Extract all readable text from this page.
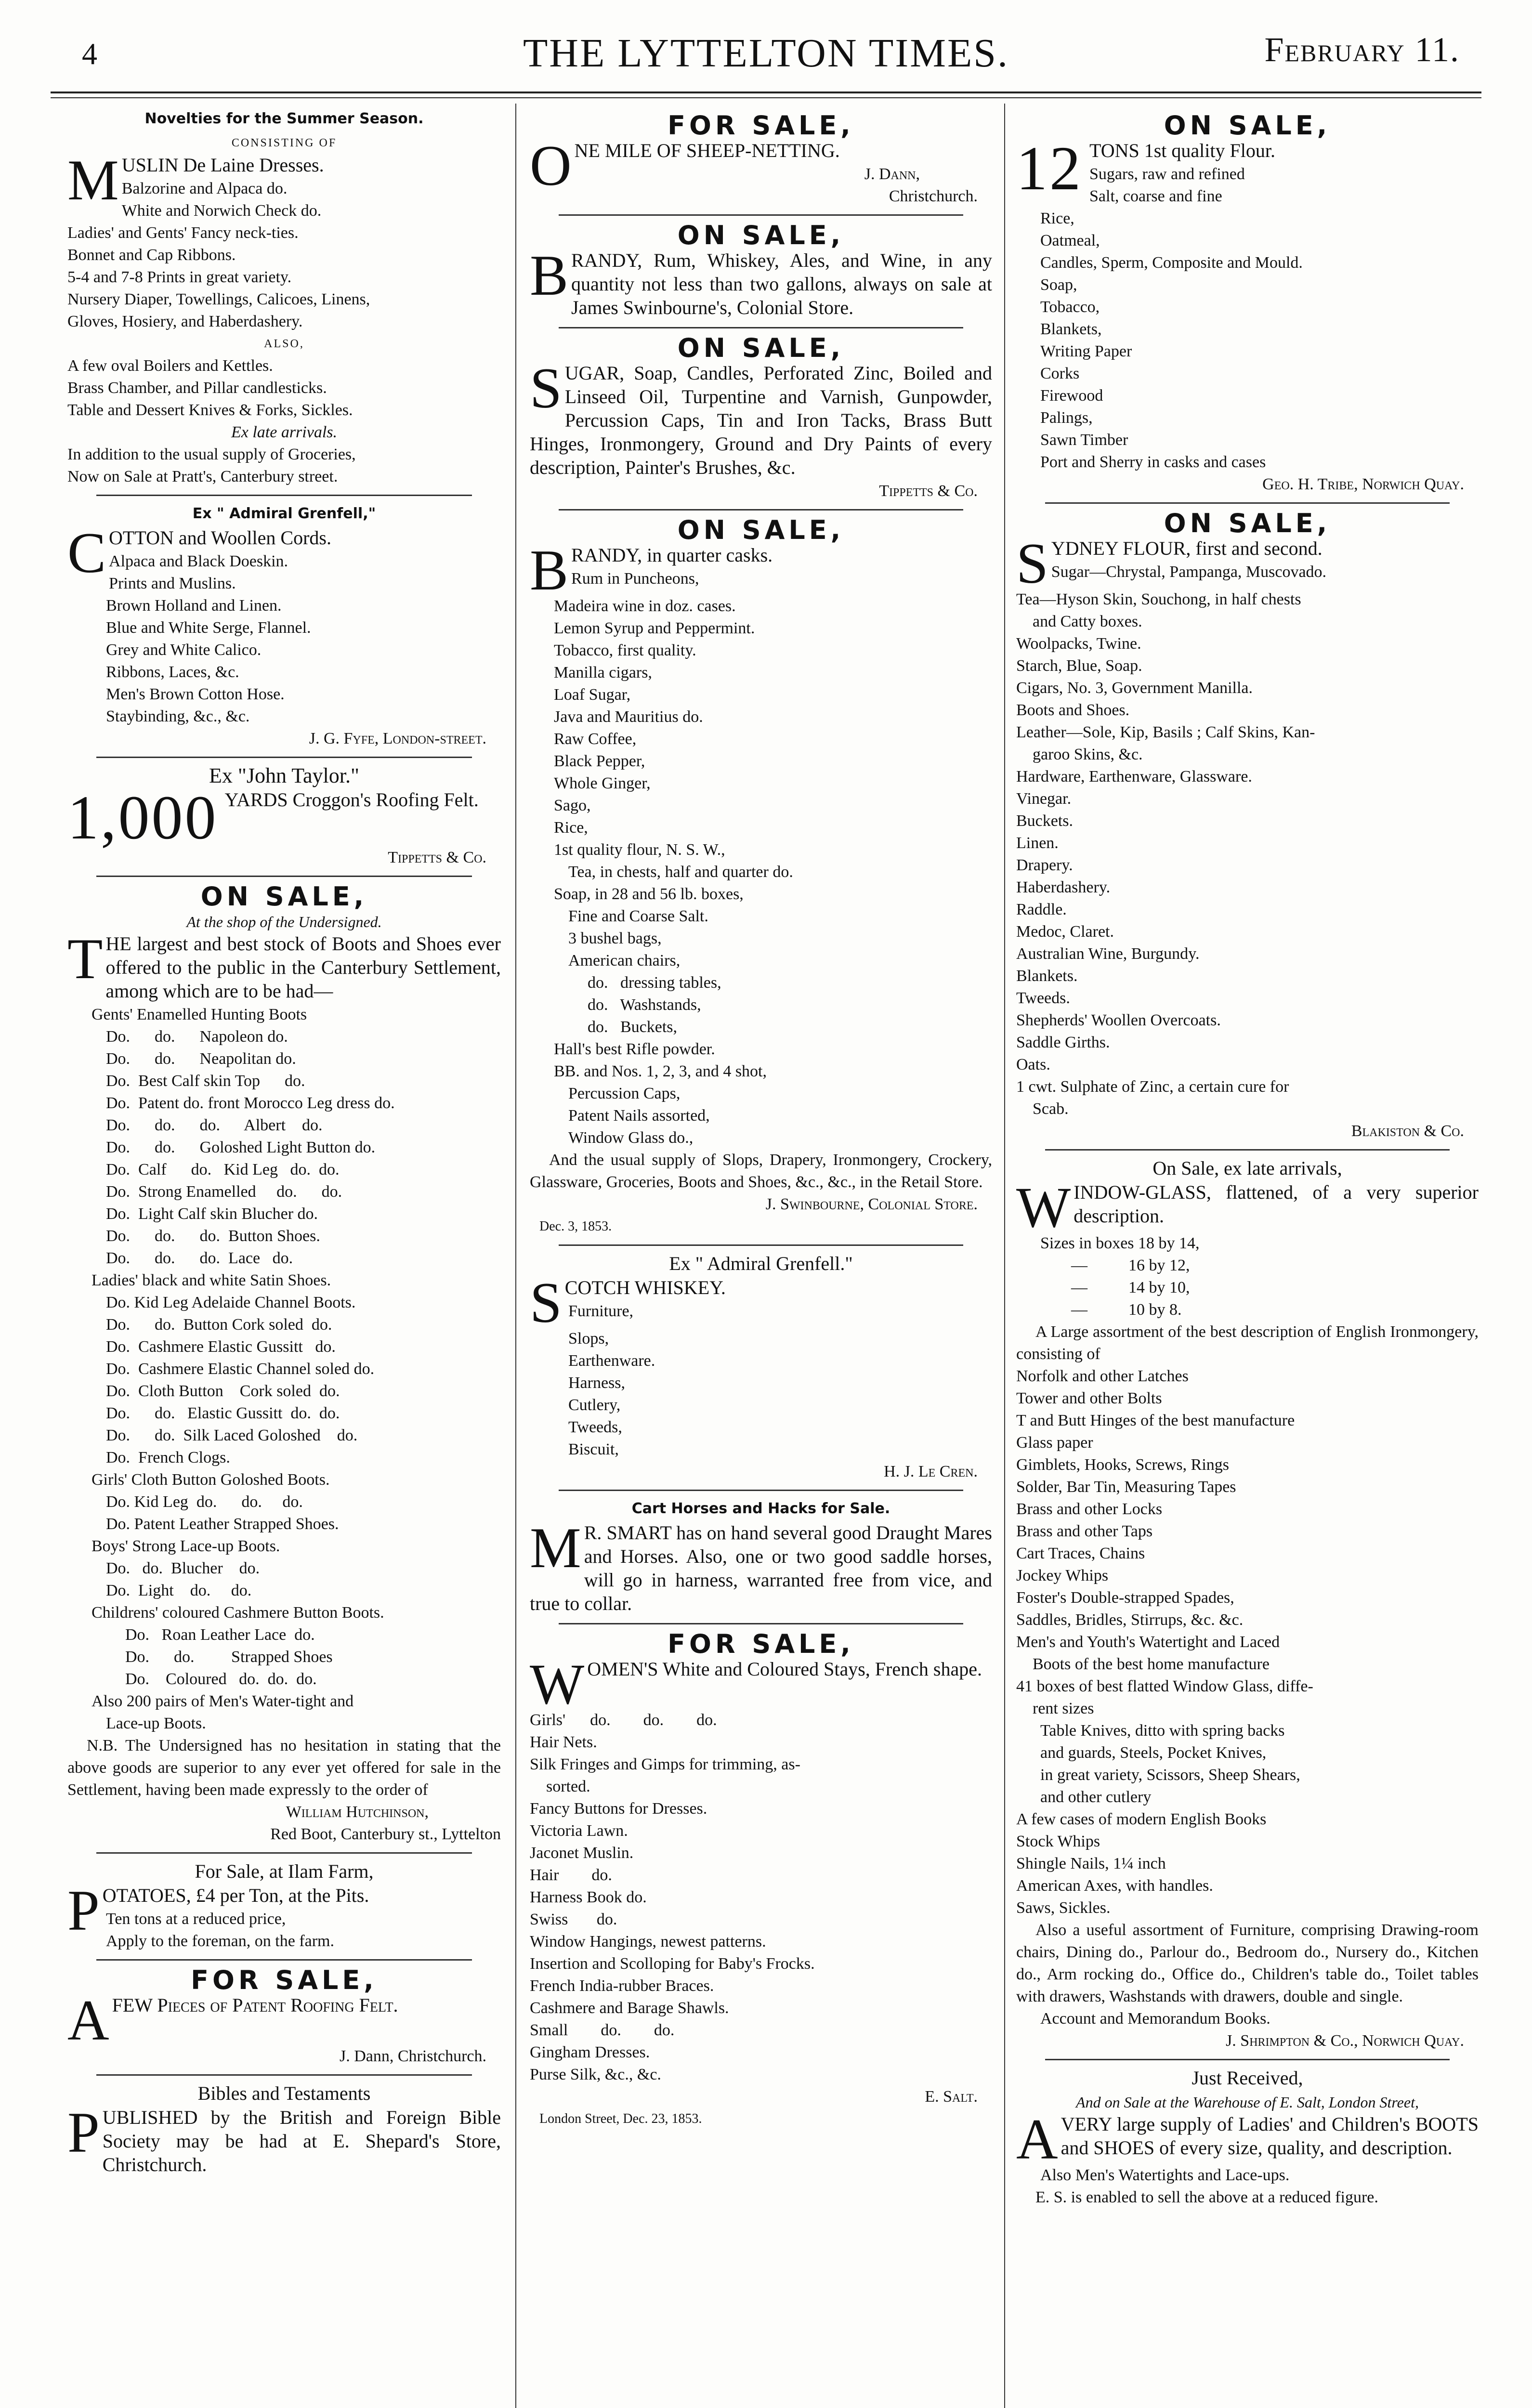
4	THE LYTTELTON TIMES.	February 11.
Novelties for the Summer Season.
CONSISTING OF
MUSLIN De Laine Dresses.
Balzorine and Alpaca do.
White and Norwich Check do.
Ladies' and Gents' Fancy neck-ties.
Bonnet and Cap Ribbons.
5-4 and 7-8 Prints in great variety.
Nursery Diaper, Towellings, Calicoes, Linens,
Gloves, Hosiery, and Haberdashery.
ALSO,
A few oval Boilers and Kettles.
Brass Chamber, and Pillar candlesticks.
Table and Dessert Knives & Forks, Sickles.
Ex late arrivals.
In addition to the usual supply of Groceries,
Now on Sale at Pratt's, Canterbury street.
Ex " Admiral Grenfell,"
COTTON and Woollen Cords.
Alpaca and Black Doeskin.
Prints and Muslins.
Brown Holland and Linen.
Blue and White Serge, Flannel.
Grey and White Calico.
Ribbons, Laces, &c.
Men's Brown Cotton Hose.
Staybinding, &c., &c.
J. G. Fyfe, London-street.
Ex "John Taylor."
1,000 YARDS Croggon's Roofing Felt.
Tippetts & Co.
ON SALE,
At the shop of the Undersigned.
THE largest and best stock of Boots and Shoes ever offered to the public in the Canterbury Settlement, among which are to be had—
Gents' Enamelled Hunting Boots
Do.      do.      Napoleon do.
Do.      do.      Neapolitan do.
Do.  Best Calf skin Top      do.
Do.  Patent do. front Morocco Leg dress do.
Do.      do.      do.      Albert    do.
Do.      do.      Goloshed Light Button do.
Do.  Calf      do.   Kid Leg   do.  do.
Do.  Strong Enamelled     do.      do.
Do.  Light Calf skin Blucher do.
Do.      do.      do.  Button Shoes.
Do.      do.      do.  Lace   do.
Ladies' black and white Satin Shoes.
Do. Kid Leg Adelaide Channel Boots.
Do.      do.  Button Cork soled  do.
Do.  Cashmere Elastic Gussitt   do.
Do.  Cashmere Elastic Channel soled do.
Do.  Cloth Button    Cork soled  do.
Do.      do.   Elastic Gussitt  do.  do.
Do.      do.  Silk Laced Goloshed    do.
Do.  French Clogs.
Girls' Cloth Button Goloshed Boots.
Do. Kid Leg  do.      do.     do.
Do. Patent Leather Strapped Shoes.
Boys' Strong Lace-up Boots.
Do.   do.  Blucher    do.
Do.  Light    do.     do.
Childrens' coloured Cashmere Button Boots.
Do.   Roan Leather Lace  do.
Do.      do.         Strapped Shoes
Do.    Coloured   do.  do.  do.
Also 200 pairs of Men's Water-tight and
Lace-up Boots.
N.B. The Undersigned has no hesitation in stating that the above goods are superior to any ever yet offered for sale in the Settlement, having been made expressly to the order of
William Hutchinson,
Red Boot, Canterbury st., Lyttelton
For Sale, at Ilam Farm,
POTATOES, £4 per Ton, at the Pits.
Ten tons at a reduced price,
Apply to the foreman, on the farm.
FOR SALE,
AFEW Pieces of Patent Roofing Felt.
J. Dann, Christchurch.
Bibles and Testaments
PUBLISHED by the British and Foreign Bible Society may be had at E. Shepard's Store, Christchurch.
FOR SALE,
ONE MILE OF SHEEP-NETTING.
J. Dann,
Christchurch.
ON SALE,
BRANDY, Rum, Whiskey, Ales, and Wine, in any quantity not less than two gallons, always on sale at James Swinbourne's, Colonial Store.
ON SALE,
SUGAR, Soap, Candles, Perforated Zinc, Boiled and Linseed Oil, Turpentine and Varnish, Gunpowder, Percussion Caps, Tin and Iron Tacks, Brass Butt Hinges, Ironmongery, Ground and Dry Paints of every description, Painter's Brushes, &c.
Tippetts & Co.
ON SALE,
BRANDY, in quarter casks.
Rum in Puncheons,
Madeira wine in doz. cases.
Lemon Syrup and Peppermint.
Tobacco, first quality.
Manilla cigars,
Loaf Sugar,
Java and Mauritius do.
Raw Coffee,
Black Pepper,
Whole Ginger,
Sago,
Rice,
1st quality flour, N. S. W.,
Tea, in chests, half and quarter do.
Soap, in 28 and 56 lb. boxes,
Fine and Coarse Salt.
3 bushel bags,
American chairs,
do.   dressing tables,
do.   Washstands,
do.   Buckets,
Hall's best Rifle powder.
BB. and Nos. 1, 2, 3, and 4 shot,
Percussion Caps,
Patent Nails assorted,
Window Glass do.,
And the usual supply of Slops, Drapery, Ironmongery, Crockery, Glassware, Groceries, Boots and Shoes, &c., &c., in the Retail Store.
J. Swinbourne, Colonial Store.
Dec. 3, 1853.
Ex " Admiral Grenfell."
SCOTCH WHISKEY.
Furniture,
Slops,
Earthenware.
Harness,
Cutlery,
Tweeds,
Biscuit,
H. J. Le Cren.
Cart Horses and Hacks for Sale.
M R. SMART has on hand several good Draught Mares and Horses. Also, one or two good saddle horses, will go in harness, warranted free from vice, and true to collar.
FOR SALE,
WOMEN'S White and Coloured Stays, French shape.
Girls'      do.        do.        do.
Hair Nets.
Silk Fringes and Gimps for trimming, as-
sorted.
Fancy Buttons for Dresses.
Victoria Lawn.
Jaconet Muslin.
Hair        do.
Harness Book do.
Swiss       do.
Window Hangings, newest patterns.
Insertion and Scolloping for Baby's Frocks.
French India-rubber Braces.
Cashmere and Barage Shawls.
Small        do.        do.
Gingham Dresses.
Purse Silk, &c., &c.
E. Salt.
London Street, Dec. 23, 1853.
ON SALE,
12 TONS 1st quality Flour.
Sugars, raw and refined
Salt, coarse and fine
Rice,
Oatmeal,
Candles, Sperm, Composite and Mould.
Soap,
Tobacco,
Blankets,
Writing Paper
Corks
Firewood
Palings,
Sawn Timber
Port and Sherry in casks and cases
Geo. H. Tribe, Norwich Quay.
ON SALE,
SYDNEY FLOUR, first and second.
Sugar—Chrystal, Pampanga, Muscovado.
Tea—Hyson Skin, Souchong, in half chests
and Catty boxes.
Woolpacks, Twine.
Starch, Blue, Soap.
Cigars, No. 3, Government Manilla.
Boots and Shoes.
Leather—Sole, Kip, Basils ; Calf Skins, Kan-
garoo Skins, &c.
Hardware, Earthenware, Glassware.
Vinegar.
Buckets.
Linen.
Drapery.
Haberdashery.
Raddle.
Medoc, Claret.
Australian Wine, Burgundy.
Blankets.
Tweeds.
Shepherds' Woollen Overcoats.
Saddle Girths.
Oats.
1 cwt. Sulphate of Zinc, a certain cure for
Scab.
Blakiston & Co.
On Sale, ex late arrivals,
WINDOW-GLASS, flattened, of a very superior description.
Sizes in boxes 18 by 14,
—          16 by 12,
—          14 by 10,
—          10 by 8.
A Large assortment of the best description of English Ironmongery, consisting of
Norfolk and other Latches
Tower and other Bolts
T and Butt Hinges of the best manufacture
Glass paper
Gimblets, Hooks, Screws, Rings
Solder, Bar Tin, Measuring Tapes
Brass and other Locks
Brass and other Taps
Cart Traces, Chains
Jockey Whips
Foster's Double-strapped Spades,
Saddles, Bridles, Stirrups, &c. &c.
Men's and Youth's Watertight and Laced
Boots of the best home manufacture
41 boxes of best flatted Window Glass, diffe-
rent sizes
Table Knives, ditto with spring backs
and guards, Steels, Pocket Knives,
in great variety, Scissors, Sheep Shears,
and other cutlery
A few cases of modern English Books
Stock Whips
Shingle Nails, 1¼ inch
American Axes, with handles.
Saws, Sickles.
Also a useful assortment of Furniture, comprising Drawing-room chairs, Dining do., Parlour do., Bedroom do., Nursery do., Kitchen do., Arm rocking do., Office do., Children's table do., Toilet tables with drawers, Washstands with drawers, double and single.
Account and Memorandum Books.
J. Shrimpton & Co., Norwich Quay.
Just Received,
And on Sale at the Warehouse of E. Salt, London Street,
AVERY large supply of Ladies' and Children's BOOTS and SHOES of every size, quality, and description.
Also Men's Watertights and Lace-ups.
E. S. is enabled to sell the above at a reduced figure.
